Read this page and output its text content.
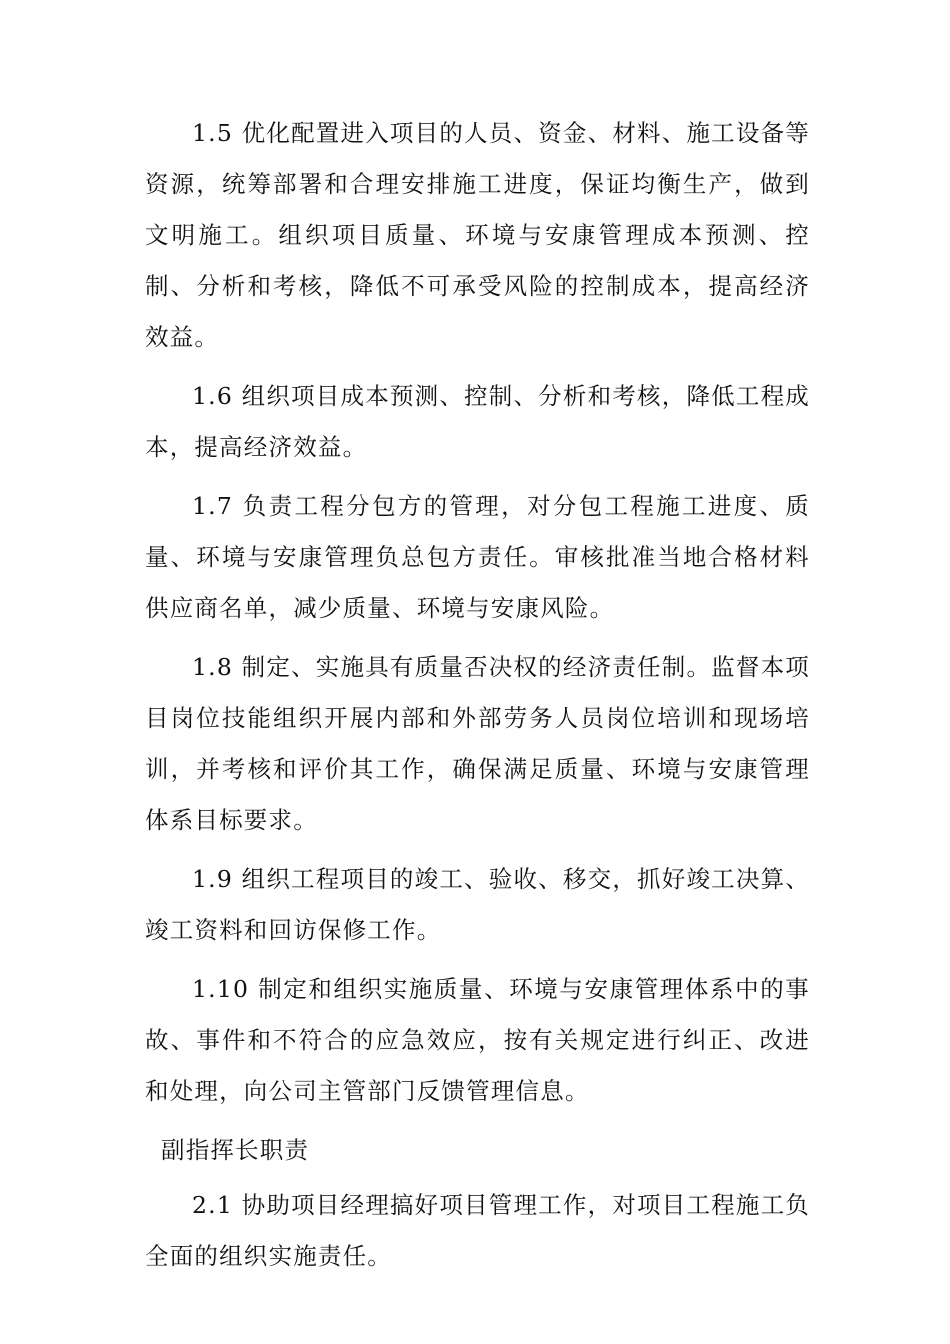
1.5 优化配置进入项目的人员、资金、材料、施工设备等资源，统筹部署和合理安排施工进度，保证均衡生产，做到文明施工。组织项目质量、环境与安康管理成本预测、控制、分析和考核，降低不可承受风险的控制成本，提高经济效益。

1.6 组织项目成本预测、控制、分析和考核，降低工程成本，提高经济效益。

1.7 负责工程分包方的管理，对分包工程施工进度、质量、环境与安康管理负总包方责任。审核批准当地合格材料供应商名单，减少质量、环境与安康风险。

1.8 制定、实施具有质量否决权的经济责任制。监督本项目岗位技能组织开展内部和外部劳务人员岗位培训和现场培训，并考核和评价其工作，确保满足质量、环境与安康管理体系目标要求。

1.9 组织工程项目的竣工、验收、移交，抓好竣工决算、竣工资料和回访保修工作。

1.10 制定和组织实施质量、环境与安康管理体系中的事故、事件和不符合的应急效应，按有关规定进行纠正、改进和处理，向公司主管部门反馈管理信息。

副指挥长职责

2.1 协助项目经理搞好项目管理工作，对项目工程施工负全面的组织实施责任。
